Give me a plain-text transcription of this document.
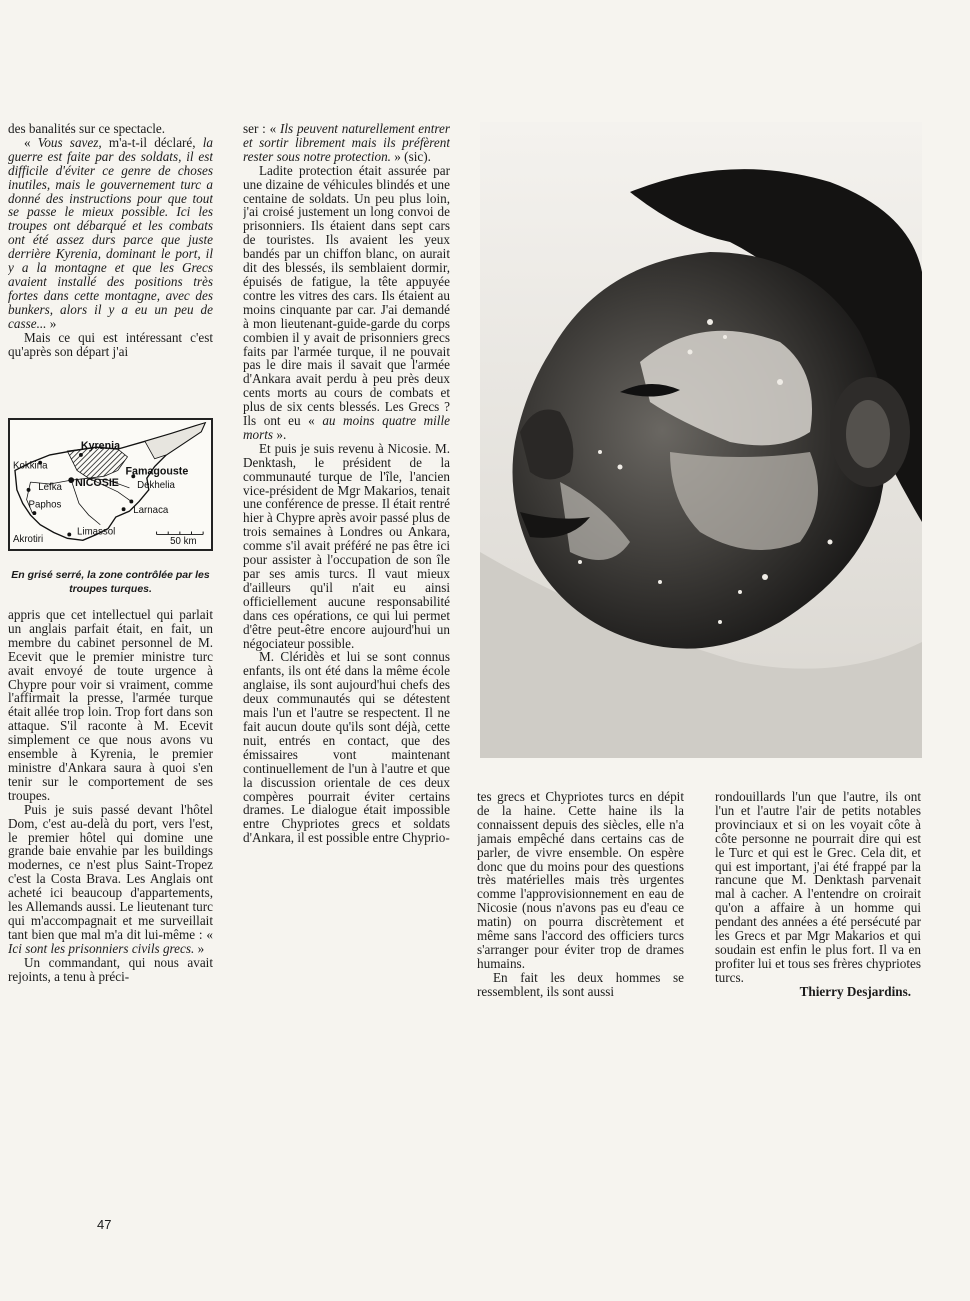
des banalités sur ce spectacle.

« Vous savez, m'a-t-il déclaré, la guerre est faite par des soldats, il est difficile d'éviter ce genre de choses inutiles, mais le gouvernement turc a donné des instructions pour que tout se passe le mieux possible. Ici les troupes ont débarqué et les combats ont été assez durs parce que juste derrière Kyrenia, dominant le port, il y a la montagne et que les Grecs avaient installé des positions très fortes dans cette montagne, avec des bunkers, alors il y a eu un peu de casse... »

Mais ce qui est intéressant c'est qu'après son départ j'ai

Kyrenia
Kokkina	Famagouste
NICOSIE
Lefka	Dekhelia
Paphos
Larnaca
Akrotiri
Limassol
50 km
En grisé serré, la zone contrôlée par les troupes turques.

appris que cet intellectuel qui parlait un anglais parfait était, en fait, un membre du cabinet personnel de M. Ecevit que le premier ministre turc avait envoyé de toute urgence à Chypre pour voir si vraiment, comme l'affirmait la presse, l'armée turque était allée trop loin. Trop fort dans son attaque. S'il raconte à M. Ecevit simplement ce que nous avons vu ensemble à Kyrenia, le premier ministre d'Ankara saura à quoi s'en tenir sur le comportement de ses troupes.

Puis je suis passé devant l'hôtel Dom, c'est au-delà du port, vers l'est, le premier hôtel qui domine une grande baie envahie par les buildings modernes, ce n'est plus Saint-Tropez c'est la Costa Brava. Les Anglais ont acheté ici beaucoup d'appartements, les Allemands aussi. Le lieutenant turc qui m'accompagnait et me surveillait tant bien que mal m'a dit lui-même : « Ici sont les prisonniers civils grecs. »

Un commandant, qui nous avait rejoints, a tenu à préci-

ser : « Ils peuvent naturellement entrer et sortir librement mais ils préfèrent rester sous notre protection. » (sic).

Ladite protection était assurée par une dizaine de véhicules blindés et une centaine de soldats. Un peu plus loin, j'ai croisé justement un long convoi de prisonniers. Ils étaient dans sept cars de touristes. Ils avaient les yeux bandés par un chiffon blanc, on aurait dit des blessés, ils semblaient dormir, épuisés de fatigue, la tête appuyée contre les vitres des cars. Ils étaient au moins cinquante par car. J'ai demandé à mon lieutenant-guide-garde du corps combien il y avait de prisonniers grecs faits par l'armée turque, il ne pouvait pas le dire mais il savait que l'armée d'Ankara avait perdu à peu près deux cents morts au cours de combats et plus de six cents blessés. Les Grecs ? Ils ont eu « au moins quatre mille morts ».

Et puis je suis revenu à Nicosie. M. Denktash, le président de la communauté turque de l'île, l'ancien vice-président de Mgr Makarios, tenait une conférence de presse. Il était rentré hier à Chypre après avoir passé plus de trois semaines à Londres ou Ankara, comme s'il avait préféré ne pas être ici pour assister à l'occupation de son île par ses amis turcs. Il vaut mieux d'ailleurs qu'il n'ait eu ainsi officiellement aucune responsabilité dans ces opérations, ce qui lui permet d'être peut-être encore aujourd'hui un négociateur possible.

M. Cléridès et lui se sont connus enfants, ils ont été dans la même école anglaise, ils sont aujourd'hui chefs des deux communautés qui se détestent mais l'un et l'autre se respectent. Il ne fait aucun doute qu'ils sont déjà, cette nuit, entrés en contact, que des émissaires vont maintenant continuellement de l'un à l'autre et que la discussion orientale de ces deux compères pourrait éviter certains drames. Le dialogue était impossible entre Chypriotes grecs et soldats d'Ankara, il est possible entre Chyprio-

tes grecs et Chypriotes turcs en dépit de la haine. Cette haine ils la connaissent depuis des siècles, elle n'a jamais empêché dans certains cas de parler, de vivre ensemble. On espère donc que du moins pour des questions très matérielles mais très urgentes comme l'approvisionnement en eau de Nicosie (nous n'avons pas eu d'eau ce matin) on pourra discrètement et même sans l'accord des officiers turcs s'arranger pour éviter trop de drames humains.

En fait les deux hommes se ressemblent, ils sont aussi

rondouillards l'un que l'autre, ils ont l'un et l'autre l'air de petits notables provinciaux et si on les voyait côte à côte personne ne pourrait dire qui est le Turc et qui est le Grec. Cela dit, et qui est important, j'ai été frappé par la rancune que M. Denktash parvenait mal à cacher. A l'entendre on croirait qu'on a affaire à un homme qui pendant des années a été persécuté par les Grecs et par Mgr Makarios et qui soudain est enfin le plus fort. Il va en profiter lui et tous ses frères chypriotes turcs.

Thierry Desjardins.

47
